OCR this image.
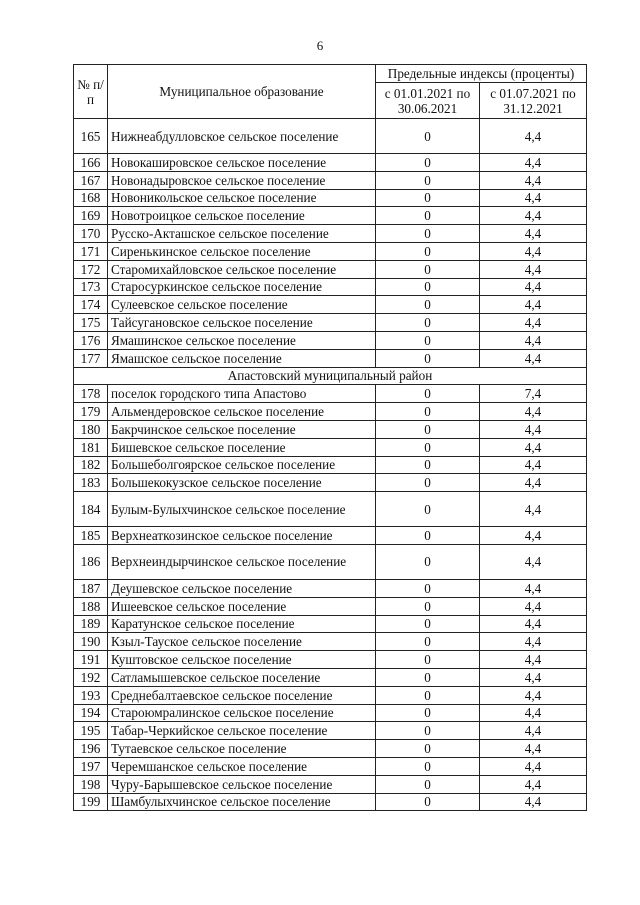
6
№ п/п	Муниципальное образование	Предельные индексы (проценты)	
		с 01.01.2021 по 30.06.2021	с 01.07.2021 по 31.12.2021
165	Нижнеабдулловское сельское поселение	0	4,4
166	Новокашировское сельское поселение	0	4,4
167	Новонадыровское сельское поселение	0	4,4
168	Новоникольское сельское поселение	0	4,4
169	Новотроицкое сельское поселение	0	4,4
170	Русско-Акташское сельское поселение	0	4,4
171	Сиренькинское сельское поселение	0	4,4
172	Старомихайловское сельское поселение	0	4,4
173	Старосуркинское сельское поселение	0	4,4
174	Сулеевское сельское поселение	0	4,4
175	Тайсугановское сельское поселение	0	4,4
176	Ямашинское сельское поселение	0	4,4
177	Ямашское сельское поселение	0	4,4
Апастовский муниципальный район			
178	поселок городского типа Апастово	0	7,4
179	Альмендеровское сельское поселение	0	4,4
180	Бакрчинское сельское поселение	0	4,4
181	Бишевское сельское поселение	0	4,4
182	Большеболгоярское сельское поселение	0	4,4
183	Большекокузское сельское поселение	0	4,4
184	Булым-Булыхчинское сельское поселение	0	4,4
185	Верхнеаткозинское сельское поселение	0	4,4
186	Верхнеиндырчинское сельское поселение	0	4,4
187	Деушевское сельское поселение	0	4,4
188	Ишеевское сельское поселение	0	4,4
189	Каратунское сельское поселение	0	4,4
190	Кзыл-Тауское сельское поселение	0	4,4
191	Куштовское сельское поселение	0	4,4
192	Сатламышевское сельское поселение	0	4,4
193	Среднебалтаевское сельское поселение	0	4,4
194	Староюмралинское сельское поселение	0	4,4
195	Табар-Черкийское сельское поселение	0	4,4
196	Тутаевское сельское поселение	0	4,4
197	Черемшанское сельское поселение	0	4,4
198	Чуру-Барышевское сельское поселение	0	4,4
199	Шамбулыхчинское сельское поселение	0	4,4
